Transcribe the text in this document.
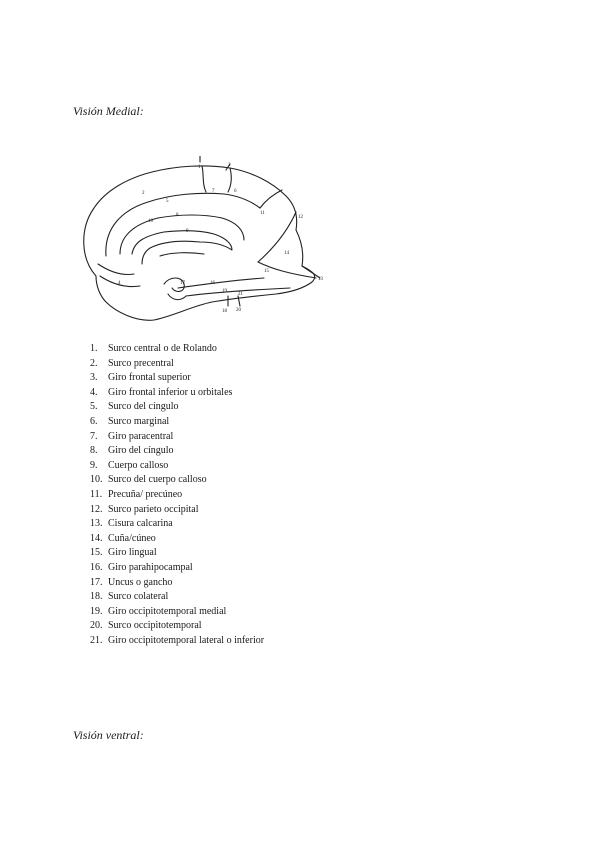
Visión Medial:
1
2
3
4
5
6
7
8
9
10
11
12
13
14
15
16
17
18
19
20
21
1.	Surco central o de Rolando
2.	Surco precentral
3.	Giro frontal superior
4.	Giro frontal inferior u orbitales
5.	Surco del cíngulo
6.	Surco marginal
7.	Giro paracentral
8.	Giro del cíngulo
9.	Cuerpo calloso
10. Surco del cuerpo calloso
11. Precuña/ precúneo
12. Surco parieto occipital
13. Cisura calcarina
14. Cuña/cúneo
15. Giro lingual
16. Giro parahipocampal
17. Uncus o gancho
18. Surco colateral
19. Giro occipitotemporal medial
20. Surco occipitotemporal
21. Giro occipitotemporal lateral o inferior
Visión ventral:
